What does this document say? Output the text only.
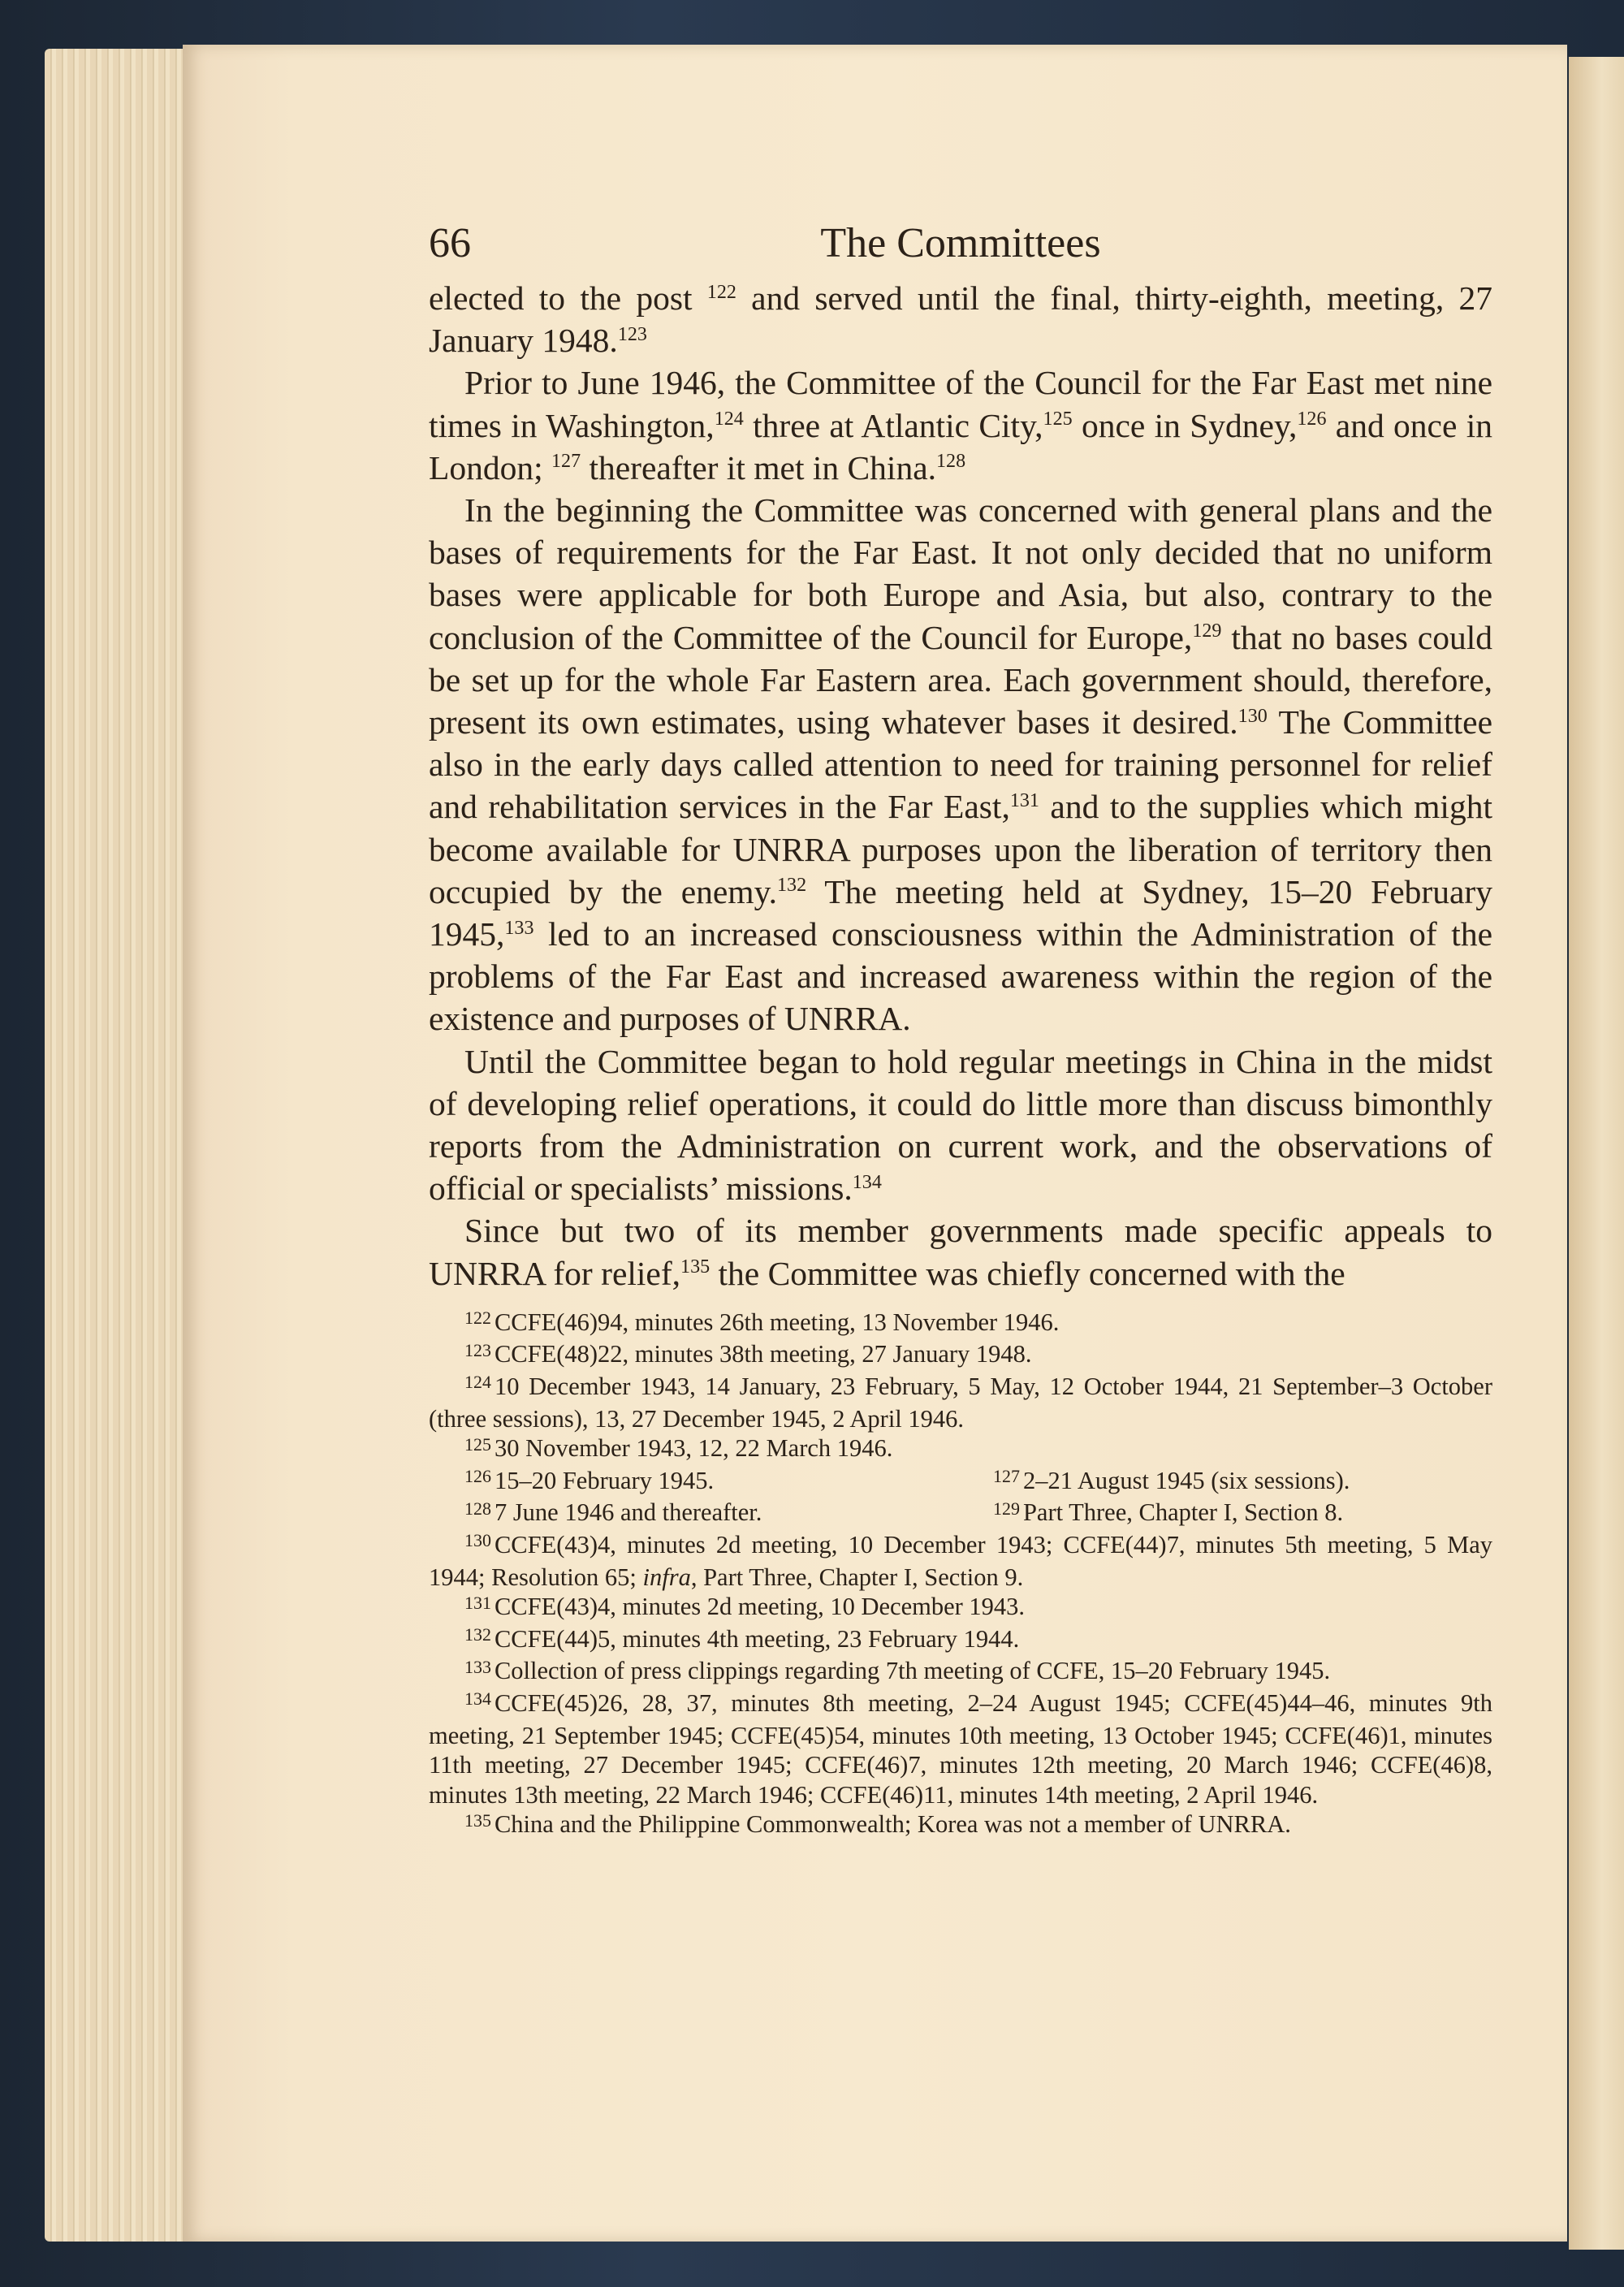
66	The Committees

elected to the post $^{122}$ and served until the final, thirty-eighth, meeting, 27 January 1948.$^{123}$

Prior to June 1946, the Committee of the Council for the Far East met nine times in Washington,$^{124}$ three at Atlantic City,$^{125}$ once in Sydney,$^{126}$ and once in London; $^{127}$ thereafter it met in China.$^{128}$

In the beginning the Committee was concerned with general plans and the bases of requirements for the Far East. It not only decided that no uniform bases were applicable for both Europe and Asia, but also, contrary to the conclusion of the Committee of the Council for Europe,$^{129}$ that no bases could be set up for the whole Far Eastern area. Each government should, therefore, present its own estimates, using whatever bases it desired.$^{130}$ The Committee also in the early days called attention to need for training personnel for relief and rehabilitation services in the Far East,$^{131}$ and to the supplies which might become available for UNRRA purposes upon the liberation of territory then occupied by the enemy.$^{132}$ The meeting held at Sydney, 15–20 February 1945,$^{133}$ led to an increased consciousness within the Administration of the problems of the Far East and increased awareness within the region of the existence and purposes of UNRRA.

Until the Committee began to hold regular meetings in China in the midst of developing relief operations, it could do little more than discuss bimonthly reports from the Administration on current work, and the observations of official or specialists’ missions.$^{134}$

Since but two of its member governments made specific appeals to UNRRA for relief,$^{135}$ the Committee was chiefly concerned with the

$^{122}$ CCFE(46)94, minutes 26th meeting, 13 November 1946.

$^{123}$ CCFE(48)22, minutes 38th meeting, 27 January 1948.

$^{124}$ 10 December 1943, 14 January, 23 February, 5 May, 12 October 1944, 21 September–3 October (three sessions), 13, 27 December 1945, 2 April 1946.

$^{125}$ 30 November 1943, 12, 22 March 1946.

$^{126}$ 15–20 February 1945.	$^{127}$ 2–21 August 1945 (six sessions).

$^{128}$ 7 June 1946 and thereafter.	$^{129}$ Part Three, Chapter I, Section 8.

$^{130}$ CCFE(43)4, minutes 2d meeting, 10 December 1943; CCFE(44)7, minutes 5th meeting, 5 May 1944; Resolution 65; infra, Part Three, Chapter I, Section 9.

$^{131}$ CCFE(43)4, minutes 2d meeting, 10 December 1943.

$^{132}$ CCFE(44)5, minutes 4th meeting, 23 February 1944.

$^{133}$ Collection of press clippings regarding 7th meeting of CCFE, 15–20 February 1945.

$^{134}$ CCFE(45)26, 28, 37, minutes 8th meeting, 2–24 August 1945; CCFE(45)44–46, minutes 9th meeting, 21 September 1945; CCFE(45)54, minutes 10th meeting, 13 October 1945; CCFE(46)1, minutes 11th meeting, 27 December 1945; CCFE(46)7, minutes 12th meeting, 20 March 1946; CCFE(46)8, minutes 13th meeting, 22 March 1946; CCFE(46)11, minutes 14th meeting, 2 April 1946.

$^{135}$ China and the Philippine Commonwealth; Korea was not a member of UNRRA.
